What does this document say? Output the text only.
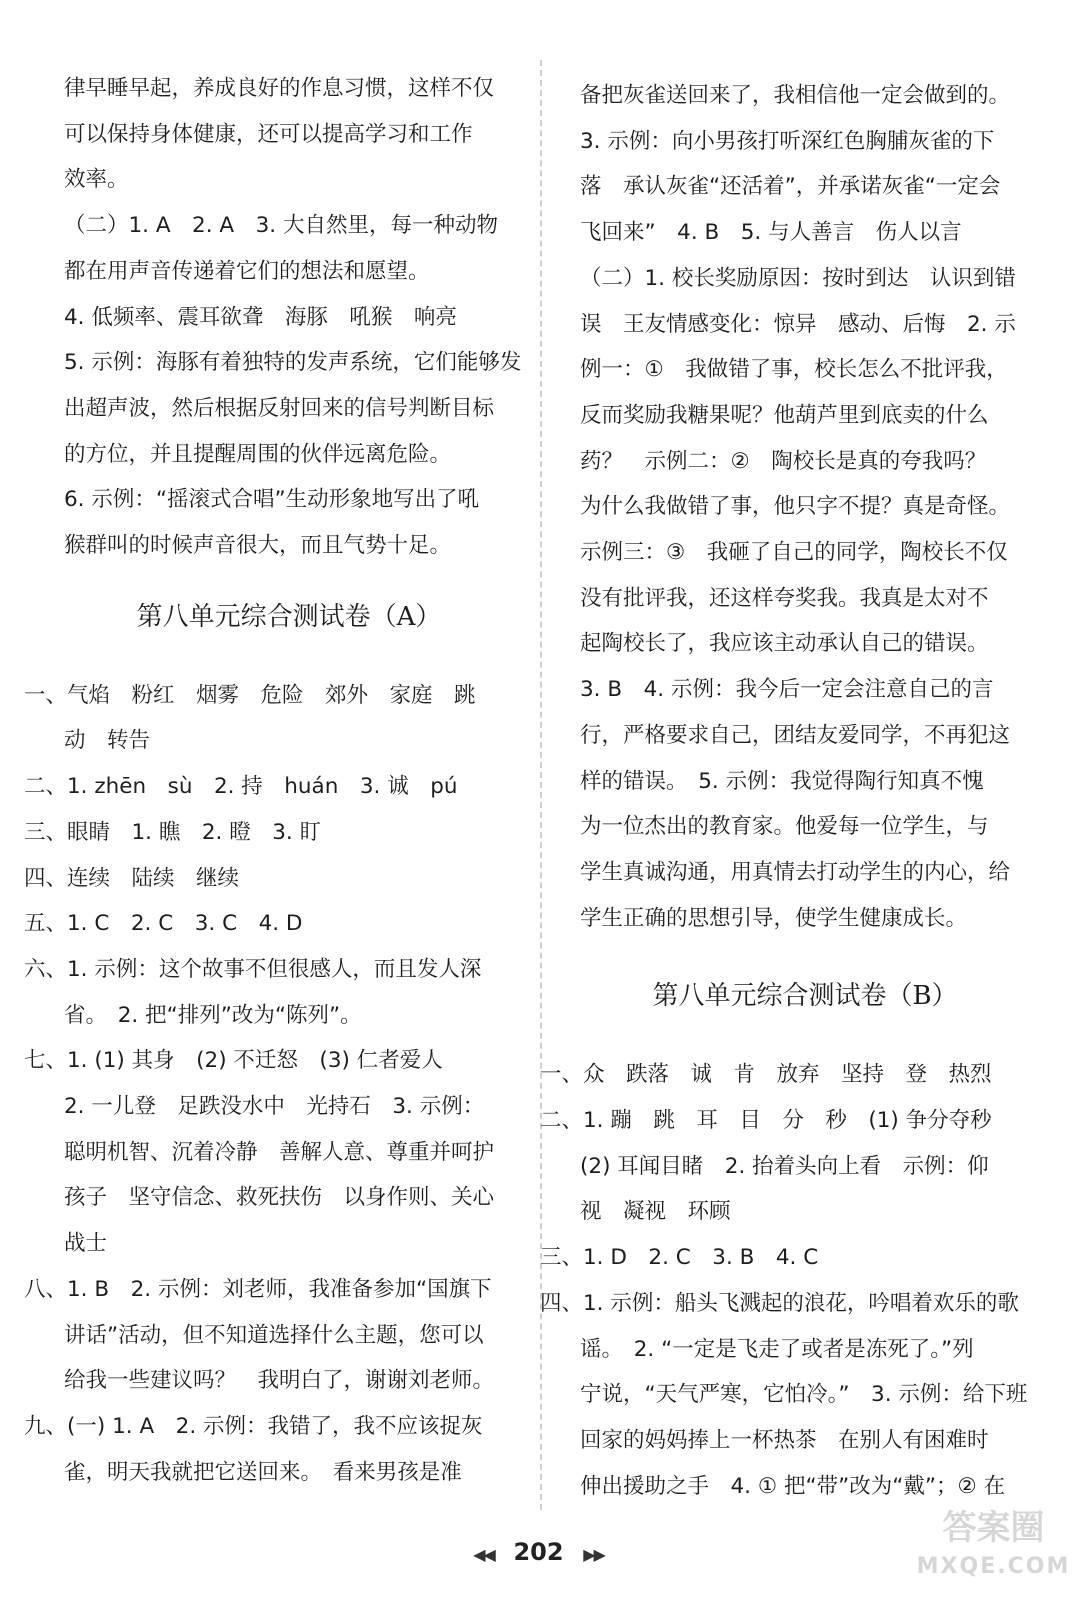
律早睡早起，养成良好的作息习惯，这样不仅
可以保持身体健康，还可以提高学习和工作
效率。
（二）1. A　2. A　3. 大自然里，每一种动物
都在用声音传递着它们的想法和愿望。
4. 低频率、震耳欲聋　海豚　吼猴　响亮
5. 示例：海豚有着独特的发声系统，它们能够发
出超声波，然后根据反射回来的信号判断目标
的方位，并且提醒周围的伙伴远离危险。
6. 示例：“摇滚式合唱”生动形象地写出了吼
猴群叫的时候声音很大，而且气势十足。
第八单元综合测试卷（A）
一、气焰　粉红　烟雾　危险　郊外　家庭　跳
动　转告
二、1. zhēn　sù　2. 持　huán　3. 诚　pú
三、眼睛　1. 瞧　2. 瞪　3. 盯
四、连续　陆续　继续
五、1. C　2. C　3. C　4. D
六、1. 示例：这个故事不但很感人，而且发人深
省。　2. 把“排列”改为“陈列”。
七、1. (1) 其身　(2) 不迁怒　(3) 仁者爱人
2. 一儿登　足跌没水中　光持石　3. 示例：
聪明机智、沉着冷静　善解人意、尊重并呵护
孩子　坚守信念、救死扶伤　以身作则、关心
战士
八、1. B　2. 示例：刘老师，我准备参加“国旗下
讲话”活动，但不知道选择什么主题，您可以
给我一些建议吗？　我明白了，谢谢刘老师。
九、(一) 1. A　2. 示例：我错了，我不应该捉灰
雀，明天我就把它送回来。　看来男孩是准
备把灰雀送回来了，我相信他一定会做到的。
3. 示例：向小男孩打听深红色胸脯灰雀的下
落　承认灰雀“还活着”，并承诺灰雀“一定会
飞回来”　4. B　5. 与人善言　伤人以言
（二）1. 校长奖励原因：按时到达　认识到错
误　王友情感变化：惊异　感动、后悔　2. 示
例一：①　我做错了事，校长怎么不批评我，
反而奖励我糖果呢？他葫芦里到底卖的什么
药？　示例二：②　陶校长是真的夸我吗？
为什么我做错了事，他只字不提？真是奇怪。
示例三：③　我砸了自己的同学，陶校长不仅
没有批评我，还这样夸奖我。我真是太对不
起陶校长了，我应该主动承认自己的错误。
3. B　4. 示例：我今后一定会注意自己的言
行，严格要求自己，团结友爱同学，不再犯这
样的错误。　5. 示例：我觉得陶行知真不愧
为一位杰出的教育家。他爱每一位学生，与
学生真诚沟通，用真情去打动学生的内心，给
学生正确的思想引导，使学生健康成长。
第八单元综合测试卷（B）
一、众　跌落　诚　肯　放弃　坚持　登　热烈
二、1. 蹦　跳　耳　目　分　秒　(1) 争分夺秒
(2) 耳闻目睹　2. 抬着头向上看　示例：仰
视　凝视　环顾
三、1. D　2. C　3. B　4. C
四、1. 示例：船头飞溅起的浪花，吟唱着欢乐的歌
谣。　2. “一定是飞走了或者是冻死了。”列
宁说，“天气严寒，它怕冷。”　3. 示例：给下班
回家的妈妈捧上一杯热茶　在别人有困难时
伸出援助之手　4. ① 把“带”改为“戴”；② 在
◀◀ 202 ▶▶
答案圈
MXQE.COM
